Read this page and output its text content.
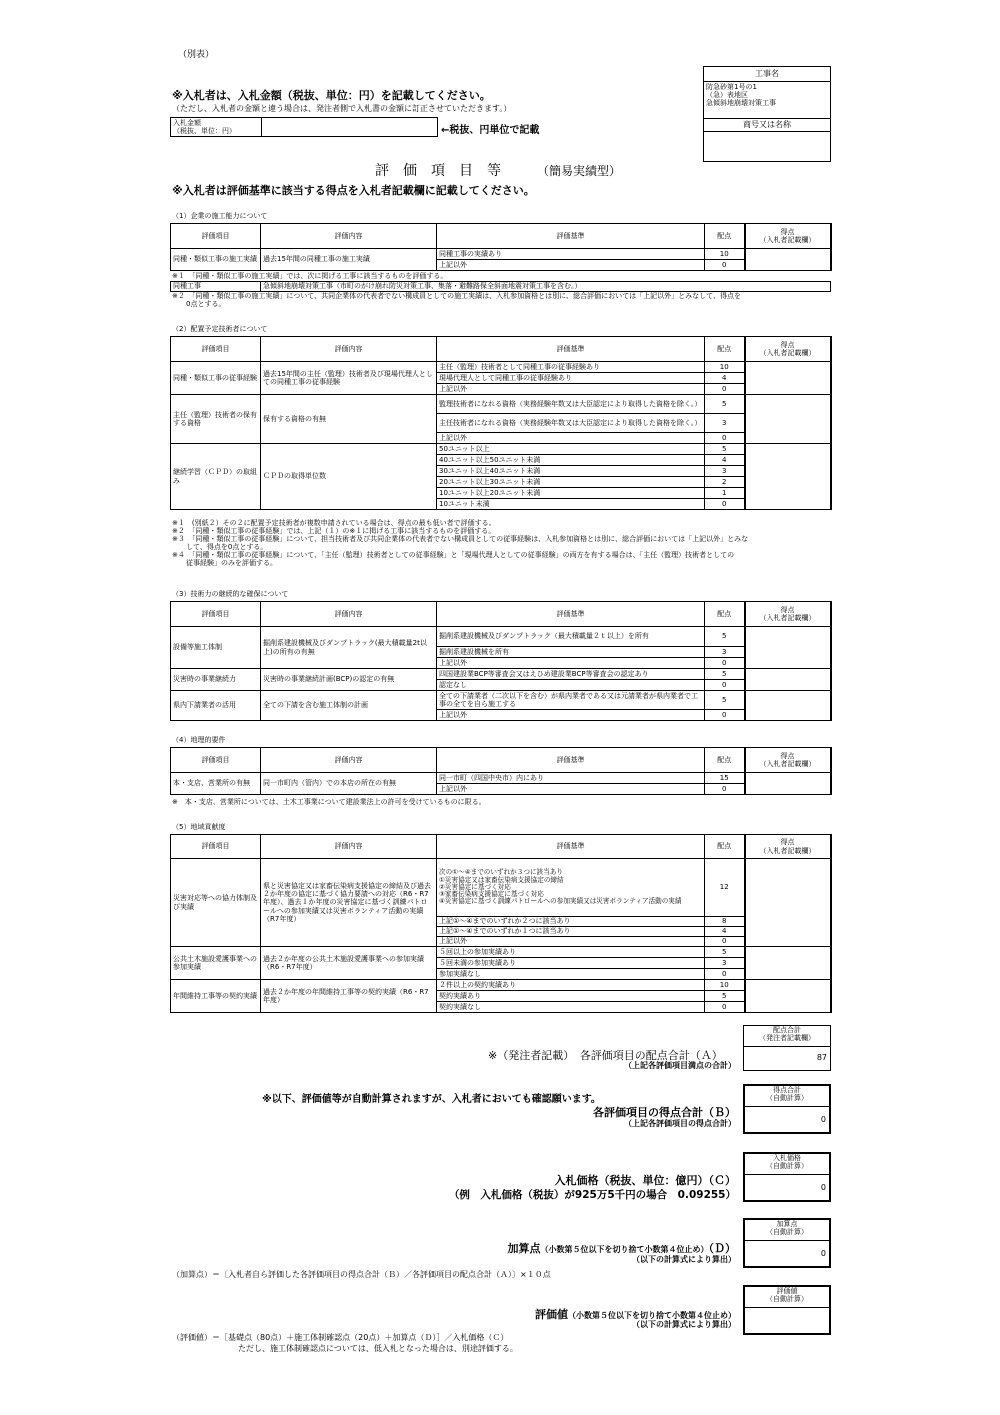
（別表）
※入札者は、入札金額（税抜、単位：円）を記載してください。
（ただし、入札者の金額と違う場合は、発注者側で入札書の金額に訂正させていただきます。）
入札金額
（税抜、単位：円）	←税抜、円単位で記載
工事名
防急砂第1号の1
（急）表地区
急傾斜地崩壊対策工事
商号又は名称
評　価　項　目　等	（簡易実績型）
※入札者は評価基準に該当する得点を入札者記載欄に記載してください。
（1）企業の施工能力について
評価項目	評価内容	評価基準	配点	得点
（入札者記載欄）
同種・類似工事の施工実績	過去15年間の同種工事の施工実績	同種工事の実績あり	10	
		上記以外	0	
※１　「同種・類似工事の施工実績」では、次に掲げる工事に該当するものを評価する。
同種工事	急傾斜地崩壊対策工事（市町のがけ崩れ防災対策工事、集落・避難路保全斜面地震対策工事を含む。）
※２　「同種・類似工事の施工実績」について、共同企業体の代表者でない構成員としての施工実績は、入札参加資格とは別に、総合評価においては「上記以外」とみなして、得点を
　　0点とする。
（2）配置予定技術者について
評価項目	評価内容	評価基準	配点	得点
（入札者記載欄）
同種・類似工事の従事経験	過去15年間の主任（監理）技術者及び現場代理人としての同種工事の従事経験	主任（監理）技術者として同種工事の従事経験あり	10	
		現場代理人として同種工事の従事経験あり	4	
		上記以外	0	
主任（監理）技術者の保有する資格	保有する資格の有無	監理技術者になれる資格（実務経験年数又は大臣認定により取得した資格を除く。）	5	
		主任技術者になれる資格（実務経験年数又は大臣認定により取得した資格を除く。）	3	
		上記以外	0	
継続学習（ＣＰＤ）の取組み	ＣＰＤの取得単位数	50ユニット以上	5	
		40ユニット以上50ユニット未満	4	
		30ユニット以上40ユニット未満	3	
		20ユニット以上30ユニット未満	2	
		10ユニット以上20ユニット未満	1	
		10ユニット未満	0	
※１　(別紙２）その２に配置予定技術者が複数申請されている場合は、得点の最も低い者で評価する。
※２　「同種・類似工事の従事経験」では、上記（１）の※１に掲げる工事に該当するものを評価する。
※３　「同種・類似工事の従事経験」について、担当技術者及び共同企業体の代表者でない構成員としての従事経験は、入札参加資格とは別に、総合評価においては「上記以外」とみな
　　して、得点を0点とする。
※４　「同種・類似工事の従事経験」について、「主任（監理）技術者としての従事経験」と「現場代理人としての従事経験」の両方を有する場合は、「主任（監理）技術者としての
　　従事経験」のみを評価する。
（3）技術力の継続的な確保について
評価項目	評価内容	評価基準	配点	得点
（入札者記載欄）
設備等施工体制	掘削系建設機械及びダンプトラック(最大積載量2t以上)の所有の有無	掘削系建設機械及びダンプトラック（最大積載量２ｔ以上）を所有	5	
		掘削系建設機械を所有	3	
		上記以外	0	
災害時の事業継続力	災害時の事業継続計画(BCP)の認定の有無	四国建設業BCP等審査会又はえひめ建設業BCP等審査会の認定あり	5	
		認定なし	0	
県内下請業者の活用	全ての下請を含む施工体制の計画	全ての下請業者（二次以下を含む）が県内業者である又は元請業者が県内業者で工事の全てを自ら施工する	5	
		上記以外	0	
（4）地理的要件
評価項目	評価内容	評価基準	配点	得点
（入札者記載欄）
本・支店、営業所の有無	同一市町内（管内）での本店の所在の有無	同一市町（四国中央市）内にあり	15	
		上記以外	0	
※　本・支店、営業所については、土木工事業について建設業法上の許可を受けているものに限る。
（5）地域貢献度
評価項目	評価内容	評価基準	配点	得点
（入札者記載欄）
災害対応等への協力体制及び実績	県と災害協定又は家畜伝染病支援協定の締結及び過去２か年度の協定に基づく協力要請への対応（R6・R7年度）、過去１か年度の災害協定に基づく訓練パトロールへの参加実績又は災害ボランティア活動の実績（R7年度）	次の①～④までのいずれか３つに該当あり
①災害協定又は家畜伝染病支援協定の締結
②災害協定に基づく対応
③家畜伝染病支援協定に基づく対応
④災害協定に基づく訓練パトロールへの参加実績又は災害ボランティア活動の実績	12	
		上記①～④までのいずれか２つに該当あり	8	
		上記①～④までのいずれか１つに該当あり	4	
		上記以外	0	
公共土木施設愛護事業への参加実績	過去２か年度の公共土木施設愛護事業への参加実績（R6・R7年度）	５回以上の参加実績あり	5	
		５回未満の参加実績あり	3	
		参加実績なし	0	
年間維持工事等の契約実績	過去２か年度の年間維持工事等の契約実績（R6・R7年度）	２件以上の契約実績あり	10	
		契約実績あり	5	
		契約実績なし	0	
配点合計
（発注者記載欄）
87
※（発注者記載）　各評価項目の配点合計（Ａ）
（上記各評価項目満点の合計）
※以下、評価値等が自動計算されますが、入札者においても確認願います。
得点合計
（自動計算）
0
各評価項目の得点合計（Ｂ）
（上記各評価項目の得点合計）
入札価格
（自動計算）
0
入札価格（税抜、単位：億円）（Ｃ）
（例　入札価格（税抜）が925万5千円の場合　0.09255）
加算点
（自動計算）
0
加算点（小数第５位以下を切り捨て小数第４位止め）（Ｄ）
（以下の計算式により算出）
（加算点）＝〔入札者自ら評価した各評価項目の得点合計（Ｂ）／各評価項目の配点合計（Ａ）〕×１０点
評価値
（自動計算）
評価値（小数第５位以下を切り捨て小数第４位止め）
（以下の計算式により算出）
（評価値）＝［基礎点（80点）＋施工体制確認点（20点）＋加算点（Ｄ）］／入札価格（Ｃ）
ただし、施工体制確認点については、低入札となった場合は、別途評価する。
